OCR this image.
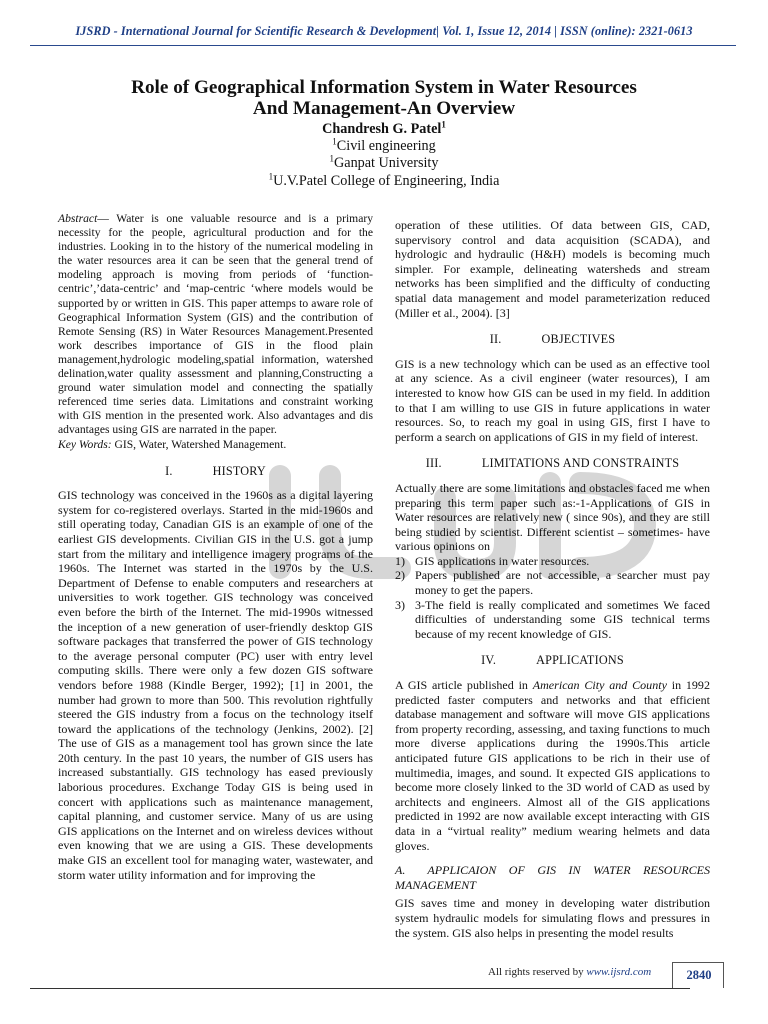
IJSRD - International Journal for Scientific Research & Development| Vol. 1, Issue 12, 2014 | ISSN (online): 2321-0613
Role of Geographical Information System in Water Resources
And Management-An Overview
Chandresh G. Patel$^1$
$^1$Civil engineering
$^1$Ganpat University
$^1$U.V.Patel College of Engineering, India
Abstract— Water is one valuable resource and is a primary necessity for the people, agricultural production and for the industries. Looking in to the history of the numerical modeling in the water resources area it can be seen that the general trend of modeling approach is moving from periods of ‘function-centric’,’data-centric’ and ‘map-centric ‘where models would be supported by or written in GIS. This paper attemps to aware role of Geographical Information System (GIS) and the contribution of Remote Sensing (RS) in Water Resources Management.Presented work describes importance of GIS in the flood plain management,hydrologic modeling,spatial information, watershed delination,water quality assessment and planning,Constructing a ground water simulation model and connecting the spatially referenced time series data. Limitations and constraint working with GIS mention in the presented work. Also advantages and dis advantages using GIS are narrated in the paper.
Key Words: GIS, Water, Watershed Management.
I.	HISTORY
GIS technology was conceived in the 1960s as a digital layering system for co-registered overlays. Started in the mid-1960s and still operating today, Canadian GIS is an example of one of the earliest GIS developments. Civilian GIS in the U.S. got a jump start from the military and intelligence imagery programs of the 1960s. The Internet was started in the 1970s by the U.S. Department of Defense to enable computers and researchers at universities to work together. GIS technology was conceived even before the birth of the Internet. The mid-1990s witnessed the inception of a new generation of user-friendly desktop GIS software packages that transferred the power of GIS technology to the average personal computer (PC) user with entry level computing skills. There were only a few dozen GIS software vendors before 1988 (Kindle Berger, 1992); [1] in 2001, the number had grown to more than 500. This revolution rightfully steered the GIS industry from a focus on the technology itself toward the applications of the technology (Jenkins, 2002). [2] The use of GIS as a management tool has grown since the late 20th century. In the past 10 years, the number of GIS users has increased substantially. GIS technology has eased previously laborious procedures. Exchange Today GIS is being used in concert with applications such as maintenance management, capital planning, and customer service. Many of us are using GIS applications on the Internet and on wireless devices without even knowing that we are using a GIS. These developments make GIS an excellent tool for managing water, wastewater, and storm water utility information and for improving the
operation of these utilities. Of data between GIS, CAD, supervisory control and data acquisition (SCADA), and hydrologic and hydraulic (H&H) models is becoming much simpler. For example, delineating watersheds and stream networks has been simplified and the difficulty of conducting spatial data management and model parameterization reduced (Miller et al., 2004). [3]
II.	OBJECTIVES
GIS is a new technology which can be used as an effective tool at any science. As a civil engineer (water resources), I am interested to know how GIS can be used in my field. In addition to that I am willing to use GIS in future applications in water resources. So, to reach my goal in using GIS, first I have to perform a search on applications of GIS in my field of interest.
III.	LIMITATIONS AND CONSTRAINTS
Actually there are some limitations and obstacles faced me when preparing this term paper such as:-1-Applications of GIS in Water resources are relatively new ( since 90s), and they are still being studied by scientist. Different scientist – sometimes- have various opinions on
1) GIS applications in water resources.
2) Papers published are not accessible, a searcher must pay money to get the papers.
3) 3-The field is really complicated and sometimes We faced difficulties of understanding some GIS technical terms because of my recent knowledge of GIS.
IV.	APPLICATIONS
A GIS article published in American City and County in 1992 predicted faster computers and networks and that efficient database management and software will move GIS applications from property recording, assessing, and taxing functions to much more diverse applications during the 1990s.This article anticipated future GIS applications to be rich in their use of multimedia, images, and sound. It expected GIS applications to become more closely linked to the 3D world of CAD as used by architects and engineers. Almost all of the GIS applications predicted in 1992 are now available except interacting with GIS data in a “virtual reality” medium wearing helmets and data gloves.
A. APPLICAION OF GIS IN WATER RESOURCES MANAGEMENT
GIS saves time and money in developing water distribution system hydraulic models for simulating flows and pressures in the system. GIS also helps in presenting the model results
All rights reserved by www.ijsrd.com	2840
